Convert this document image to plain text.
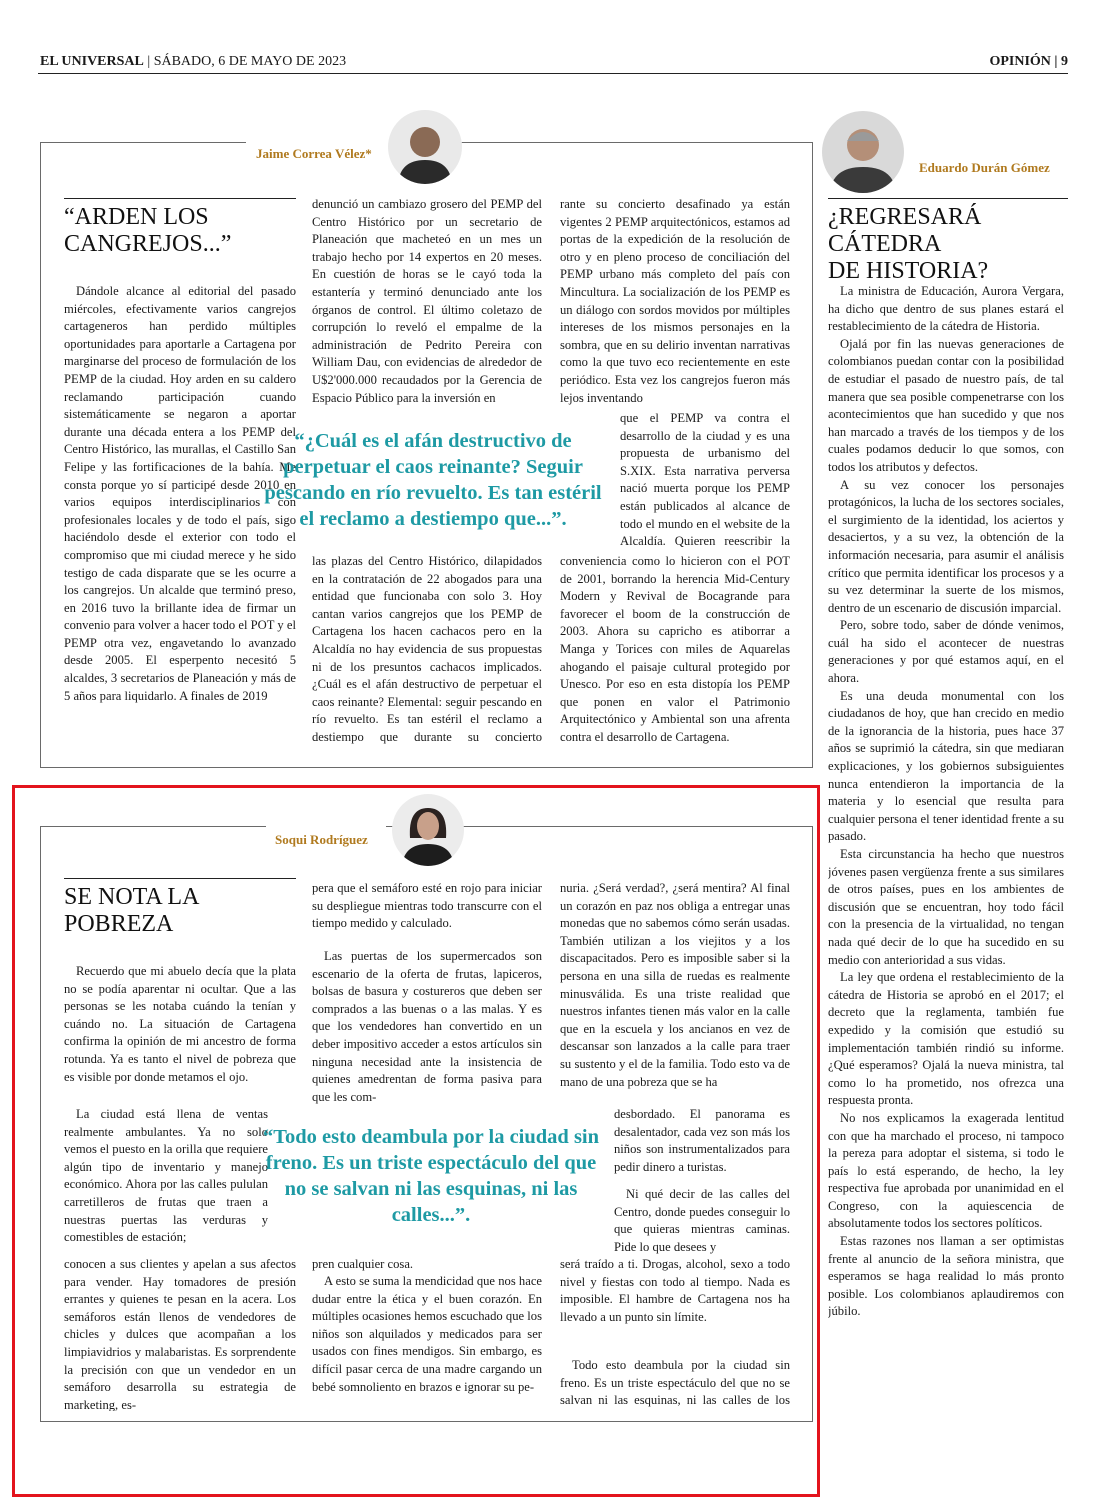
EL UNIVERSAL | SÁBADO, 6 DE MAYO DE 2023	OPINIÓN | 9
Jaime Correa Vélez*
“ARDEN LOS
CANGREJOS...”

Dándole alcance al editorial del pasado miércoles, efectivamente varios cangrejos cartageneros han perdido múltiples oportunidades para aportarle a Cartagena por marginarse del proceso de formulación de los PEMP de la ciudad. Hoy arden en su caldero reclamando participación cuando sistemáticamente se negaron a aportar durante una década entera a los PEMP del Centro Histórico, las murallas, el Castillo San Felipe y las fortificaciones de la bahía. Me consta porque yo sí participé desde 2010 en varios equipos interdisciplinarios con profesionales locales y de todo el país, sigo haciéndolo desde el exterior con todo el compromiso que mi ciudad merece y he sido testigo de cada disparate que se les ocurre a los cangrejos. Un alcalde que terminó preso, en 2016 tuvo la brillante idea de firmar un convenio para volver a hacer todo el POT y el PEMP otra vez, engavetando lo avanzado desde 2005. El esperpento necesitó 5 alcaldes, 3 secretarios de Planeación y más de 5 años para liquidarlo. A finales de 2019

denunció un cambiazo grosero del PEMP del Centro Histórico por un secretario de Planeación que macheteó en un mes un trabajo hecho por 14 expertos en 20 meses. En cuestión de horas se le cayó toda la estantería y terminó denunciado ante los órganos de control. El último coletazo de corrupción lo reveló el empalme de la administración de Pedrito Pereira con William Dau, con evidencias de alrededor de U$2'000.000 recaudados por la Gerencia de Espacio Público para la inversión en

las plazas del Centro Histórico, dilapidados en la contratación de 22 abogados para una entidad que funcionaba con solo 3. Hoy cantan varios cangrejos que los PEMP de Cartagena los hacen cachacos pero en la Alcaldía no hay evidencia de sus propuestas ni de los presuntos cachacos implicados. ¿Cuál es el afán destructivo de perpetuar el caos reinante? Elemental: seguir pescando en río revuelto. Es tan estéril el reclamo a destiempo que durante su concierto

rante su concierto desafinado ya están vigentes 2 PEMP arquitectónicos, estamos ad portas de la expedición de la resolución de otro y en pleno proceso de conciliación del PEMP urbano más completo del país con Mincultura. La socialización de los PEMP es un diálogo con sordos movidos por múltiples intereses de los mismos personajes en la sombra, que en su delirio inventan narrativas como la que tuvo eco recientemente en este periódico. Esta vez los cangrejos fueron más lejos inventando

que el PEMP va contra el desarrollo de la ciudad y es una propuesta de urbanismo del S.XIX. Esta narrativa perversa nació muerta porque los PEMP están publicados al alcance de todo el mundo en el website de la Alcaldía. Quieren reescribir la

conveniencia como lo hicieron con el POT de 2001, borrando la herencia Mid-Century Modern y Revival de Bocagrande para favorecer el boom de la construcción de 2003. Ahora su capricho es atiborrar a Manga y Torices con miles de Aquarelas ahogando el paisaje cultural protegido por Unesco. Por eso en esta distopía los PEMP que ponen en valor el Patrimonio Arquitectónico y Ambiental son una afrenta contra el desarrollo de Cartagena.

“¿Cuál es el afán destructivo de perpetuar el caos reinante? Seguir pescando en río revuelto. Es tan estéril el reclamo a destiempo que...”.
Eduardo Durán Gómez
¿REGRESARÁ CÁTEDRA
DE HISTORIA?

La ministra de Educación, Aurora Vergara, ha dicho que dentro de sus planes estará el restablecimiento de la cátedra de Historia.

Ojalá por fin las nuevas generaciones de colombianos puedan contar con la posibilidad de estudiar el pasado de nuestro país, de tal manera que sea posible compenetrarse con los acontecimientos que han sucedido y que nos han marcado a través de los tiempos y de los cuales podamos deducir lo que somos, con todos los atributos y defectos.

A su vez conocer los personajes protagónicos, la lucha de los sectores sociales, el surgimiento de la identidad, los aciertos y desaciertos, y a su vez, la obtención de la información necesaria, para asumir el análisis crítico que permita identificar los procesos y a su vez determinar la suerte de los mismos, dentro de un escenario de discusión imparcial.

Pero, sobre todo, saber de dónde venimos, cuál ha sido el acontecer de nuestras generaciones y por qué estamos aquí, en el ahora.

Es una deuda monumental con los ciudadanos de hoy, que han crecido en medio de la ignorancia de la historia, pues hace 37 años se suprimió la cátedra, sin que mediaran explicaciones, y los gobiernos subsiguientes nunca entendieron la importancia de la materia y lo esencial que resulta para cualquier persona el tener identidad frente a su pasado.

Esta circunstancia ha hecho que nuestros jóvenes pasen vergüenza frente a sus similares de otros países, pues en los ambientes de discusión que se encuentran, hoy todo fácil con la presencia de la virtualidad, no tengan nada qué decir de lo que ha sucedido en su medio con anterioridad a sus vidas.

La ley que ordena el restablecimiento de la cátedra de Historia se aprobó en el 2017; el decreto que la reglamenta, también fue expedido y la comisión que estudió su implementación también rindió su informe. ¿Qué esperamos? Ojalá la nueva ministra, tal como lo ha prometido, nos ofrezca una respuesta pronta.

No nos explicamos la exagerada lentitud con que ha marchado el proceso, ni tampoco la pereza para adoptar el sistema, si todo le país lo está esperando, de hecho, la ley respectiva fue aprobada por unanimidad en el Congreso, con la aquiescencia de absolutamente todos los sectores políticos.

Estas razones nos llaman a ser optimistas frente al anuncio de la señora ministra, que esperamos se haga realidad lo más pronto posible. Los colombianos aplaudiremos con júbilo.

Soqui Rodríguez
SE NOTA LA
POBREZA

Recuerdo que mi abuelo decía que la plata no se podía aparentar ni ocultar. Que a las personas se les notaba cuándo la tenían y cuándo no. La situación de Cartagena confirma la opinión de mi ancestro de forma rotunda. Ya es tanto el nivel de pobreza que es visible por donde metamos el ojo.

La ciudad está llena de ventas realmente ambulantes. Ya no solo vemos el puesto en la orilla que requiere algún tipo de inventario y manejo económico. Ahora por las calles pululan carretilleros de frutas que traen a nuestras puertas las verduras y comestibles de estación;

conocen a sus clientes y apelan a sus afectos para vender. Hay tomadores de presión errantes y quienes te pesan en la acera. Los semáforos están llenos de vendedores de chicles y dulces que acompañan a los limpiavidrios y malabaristas. Es sorprendente la precisión con que un vendedor en un semáforo desarrolla su estrategia de marketing, es-

pera que el semáforo esté en rojo para iniciar su despliegue mientras todo transcurre con el tiempo medido y calculado.

Las puertas de los supermercados son escenario de la oferta de frutas, lapiceros, bolsas de basura y costureros que deben ser comprados a las buenas o a las malas. Y es que los vendedores han convertido en un deber impositivo acceder a estos artículos sin ninguna necesidad ante la insistencia de quienes amedrentan de forma pasiva para que les com-

pren cualquier cosa.

A esto se suma la mendicidad que nos hace dudar entre la ética y el buen corazón. En múltiples ocasiones hemos escuchado que los niños son alquilados y medicados para ser usados con fines mendigos. Sin embargo, es difícil pasar cerca de una madre cargando un bebé somnoliento en brazos e ignorar su pe-

nuria. ¿Será verdad?, ¿será mentira? Al final un corazón en paz nos obliga a entregar unas monedas que no sabemos cómo serán usadas. También utilizan a los viejitos y a los discapacitados. Pero es imposible saber si la persona en una silla de ruedas es realmente minusválida. Es una triste realidad que nuestros infantes tienen más valor en la calle que en la escuela y los ancianos en vez de descansar son lanzados a la calle para traer su sustento y el de la familia. Todo esto va de mano de una pobreza que se ha

desbordado. El panorama es desalentador, cada vez son más los niños son instrumentalizados para pedir dinero a turistas.

Ni qué decir de las calles del Centro, donde puedes conseguir lo que quieras mientras caminas. Pide lo que desees y

será traído a ti. Drogas, alcohol, sexo a todo nivel y fiestas con todo al tiempo. Nada es imposible. El hambre de Cartagena nos ha llevado a un punto sin límite.

Todo esto deambula por la ciudad sin freno. Es un triste espectáculo del que no se salvan ni las esquinas, ni las calles de los

“Todo esto deambula por la ciudad sin freno. Es un triste espectáculo del que no se salvan ni las esquinas, ni las calles...”.
